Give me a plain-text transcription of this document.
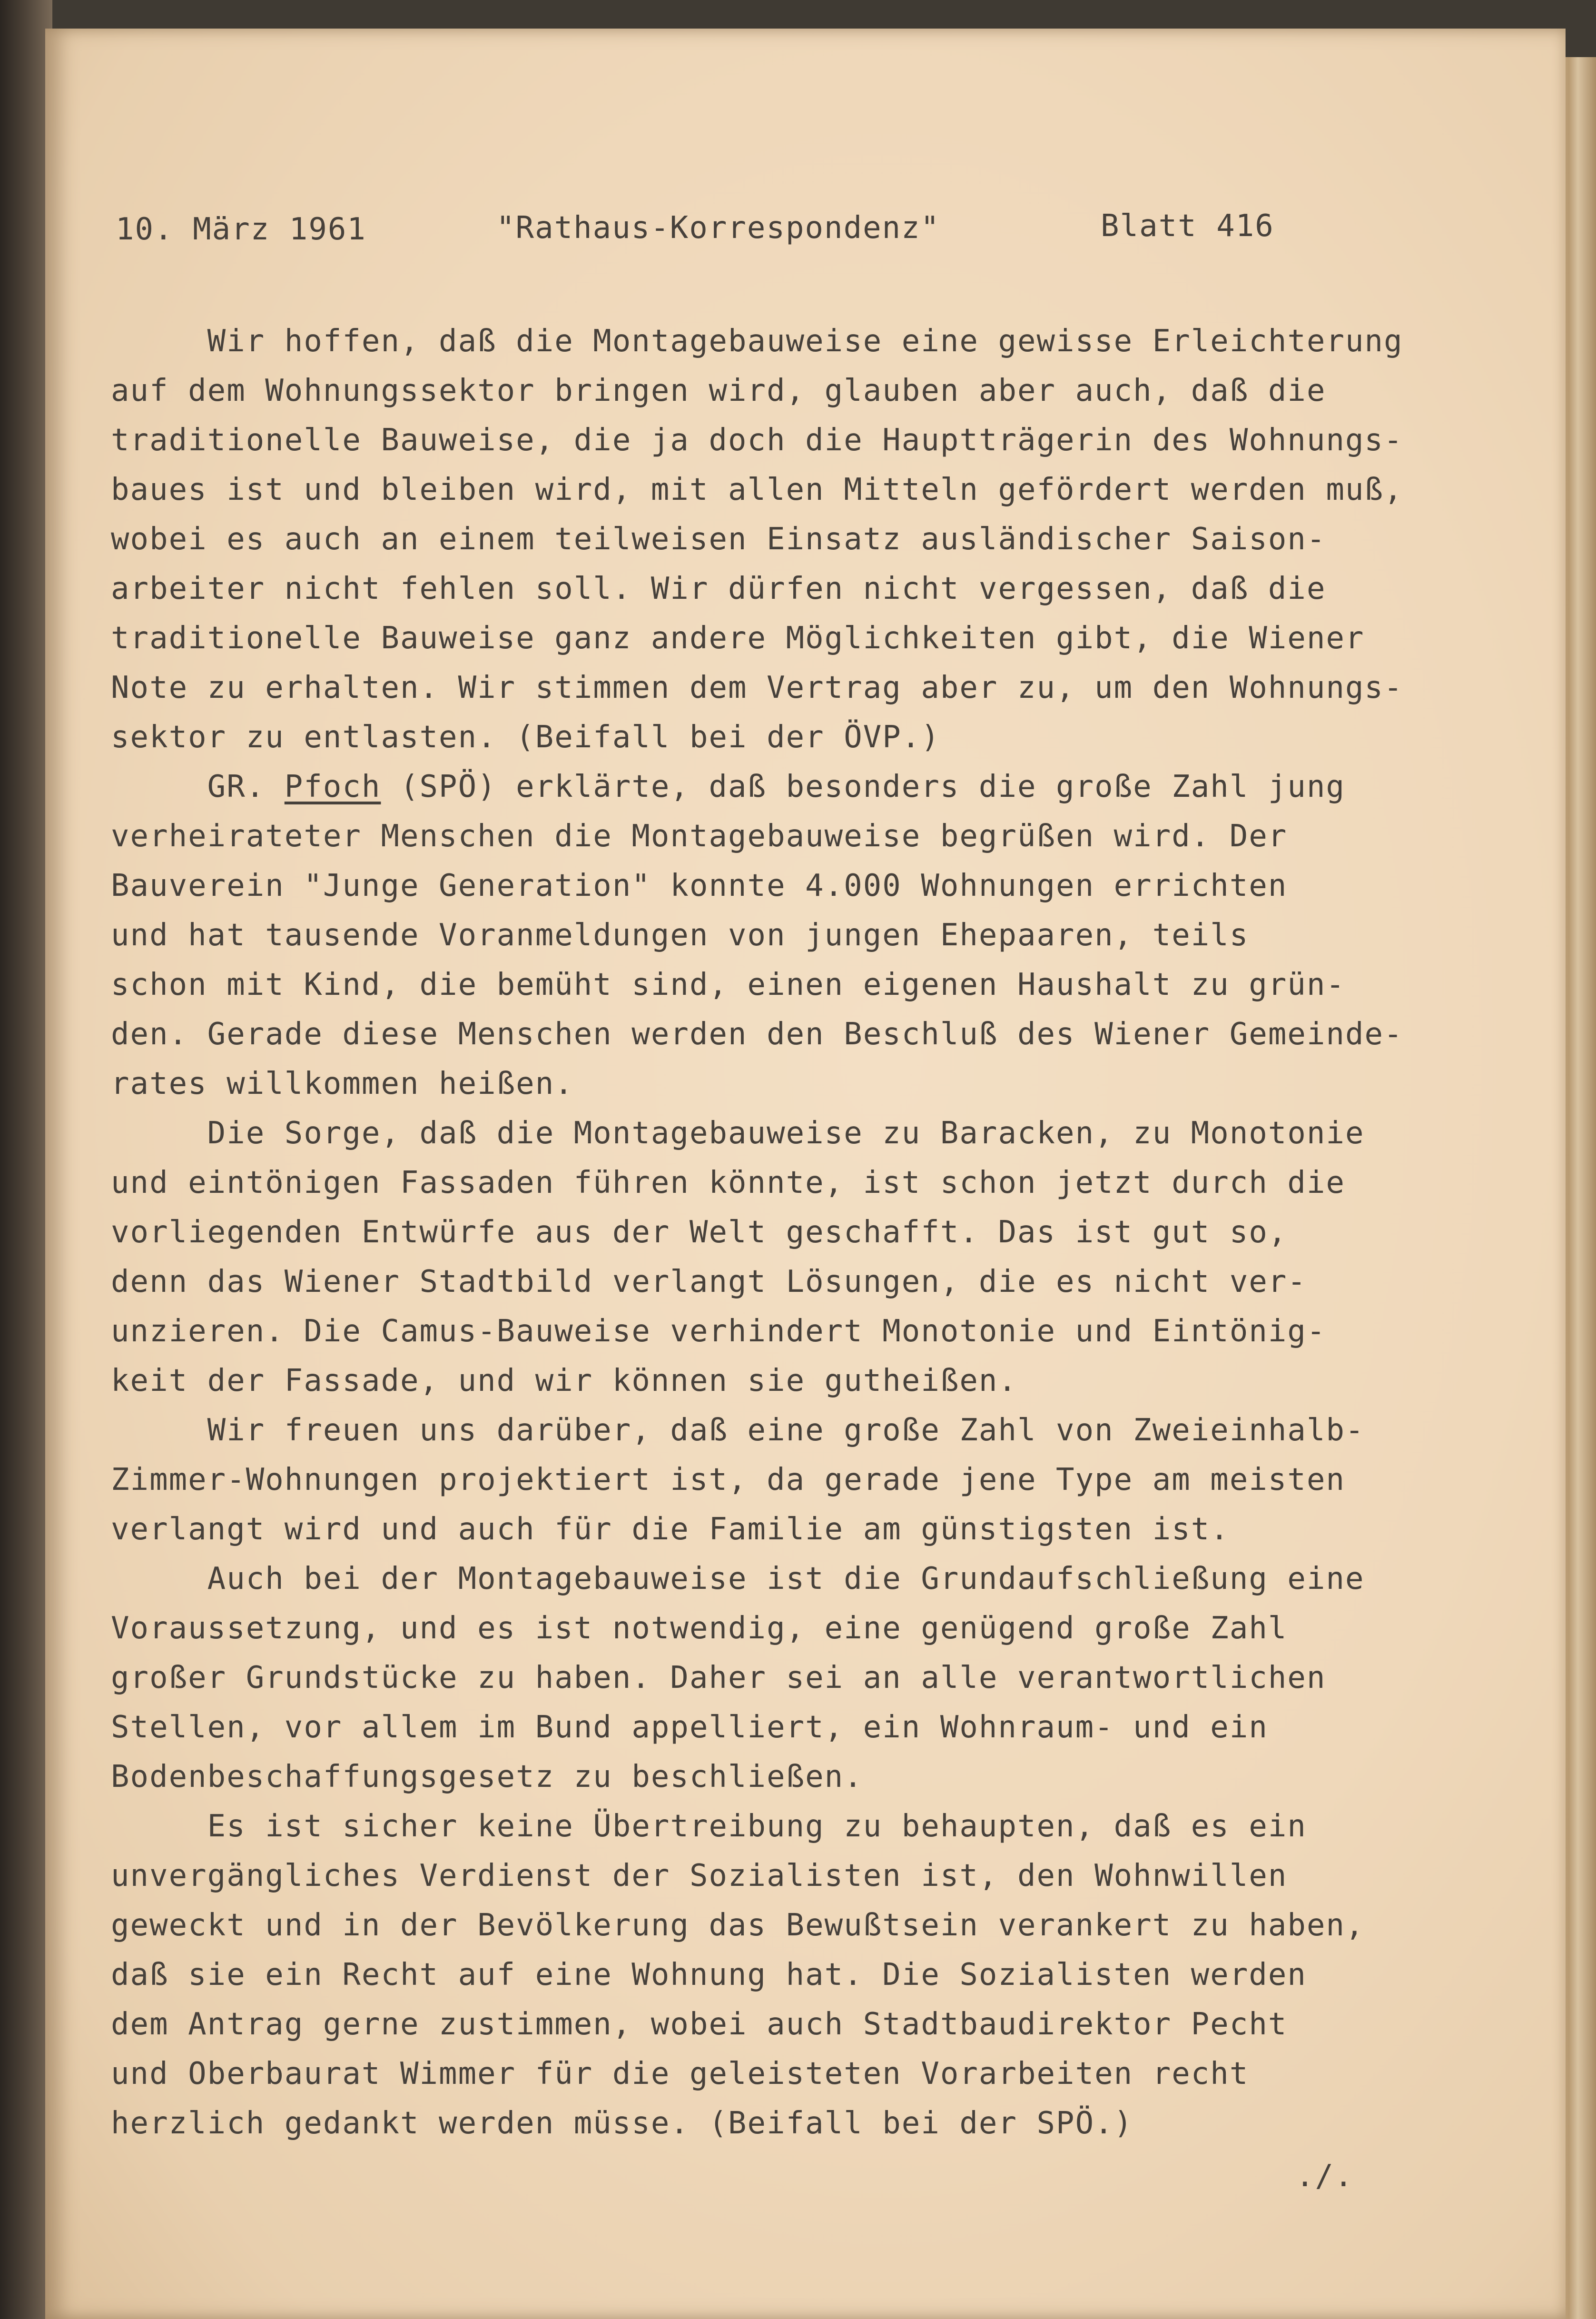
10. März 1961	"Rathaus-Korrespondenz"	Blatt 416

Wir hoffen, daß die Montagebauweise eine gewisse Erleichterung

auf dem Wohnungssektor bringen wird, glauben aber auch, daß die

traditionelle Bauweise, die ja doch die Hauptträgerin des Wohnungs-

baues ist und bleiben wird, mit allen Mitteln gefördert werden muß,

wobei es auch an einem teilweisen Einsatz ausländischer Saison-

arbeiter nicht fehlen soll. Wir dürfen nicht vergessen, daß die

traditionelle Bauweise ganz andere Möglichkeiten gibt, die Wiener

Note zu erhalten. Wir stimmen dem Vertrag aber zu, um den Wohnungs-

sektor zu entlasten. (Beifall bei der ÖVP.)

GR. Pfoch (SPÖ) erklärte, daß besonders die große Zahl jung

verheirateter Menschen die Montagebauweise begrüßen wird. Der

Bauverein "Junge Generation" konnte 4.000 Wohnungen errichten

und hat tausende Voranmeldungen von jungen Ehepaaren, teils

schon mit Kind, die bemüht sind, einen eigenen Haushalt zu grün-

den. Gerade diese Menschen werden den Beschluß des Wiener Gemeinde-

rates willkommen heißen.

Die Sorge, daß die Montagebauweise zu Baracken, zu Monotonie

und eintönigen Fassaden führen könnte, ist schon jetzt durch die

vorliegenden Entwürfe aus der Welt geschafft. Das ist gut so,

denn das Wiener Stadtbild verlangt Lösungen, die es nicht ver-

unzieren. Die Camus-Bauweise verhindert Monotonie und Eintönig-

keit der Fassade, und wir können sie gutheißen.

Wir freuen uns darüber, daß eine große Zahl von Zweieinhalb-

Zimmer-Wohnungen projektiert ist, da gerade jene Type am meisten

verlangt wird und auch für die Familie am günstigsten ist.

Auch bei der Montagebauweise ist die Grundaufschließung eine

Voraussetzung, und es ist notwendig, eine genügend große Zahl

großer Grundstücke zu haben. Daher sei an alle verantwortlichen

Stellen, vor allem im Bund appelliert, ein Wohnraum- und ein

Bodenbeschaffungsgesetz zu beschließen.

Es ist sicher keine Übertreibung zu behaupten, daß es ein

unvergängliches Verdienst der Sozialisten ist, den Wohnwillen

geweckt und in der Bevölkerung das Bewußtsein verankert zu haben,

daß sie ein Recht auf eine Wohnung hat. Die Sozialisten werden

dem Antrag gerne zustimmen, wobei auch Stadtbaudirektor Pecht

und Oberbaurat Wimmer für die geleisteten Vorarbeiten recht

herzlich gedankt werden müsse. (Beifall bei der SPÖ.)

./.
